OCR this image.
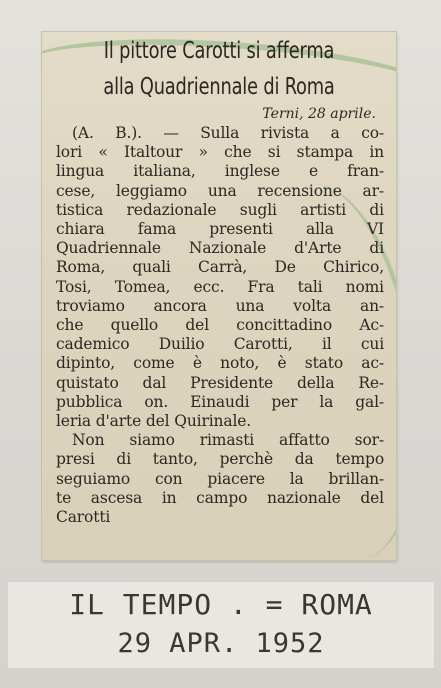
Il pittore Carotti si afferma
alla Quadriennale di Roma
Terni, 28 aprile.
(A. B.). — Sulla rivista a co-
lori « Italtour » che si stampa in
lingua italiana, inglese e fran-
cese, leggiamo una recensione ar-
tistica redazionale sugli artisti di
chiara fama presenti alla VI
Quadriennale Nazionale d'Arte di
Roma, quali Carrà, De Chirico,
Tosi, Tomea, ecc. Fra tali nomi
troviamo ancora una volta an-
che quello del concittadino Ac-
cademico Duilio Carotti, il cui
dipinto, come è noto, è stato ac-
quistato dal Presidente della Re-
pubblica on. Einaudi per la gal-
leria d'arte del Quirinale.
Non siamo rimasti affatto sor-
presi di tanto, perchè da tempo
seguiamo con piacere la brillan-
te ascesa in campo nazionale del
Carotti
IL TEMPO . = ROMA
29 APR. 1952
